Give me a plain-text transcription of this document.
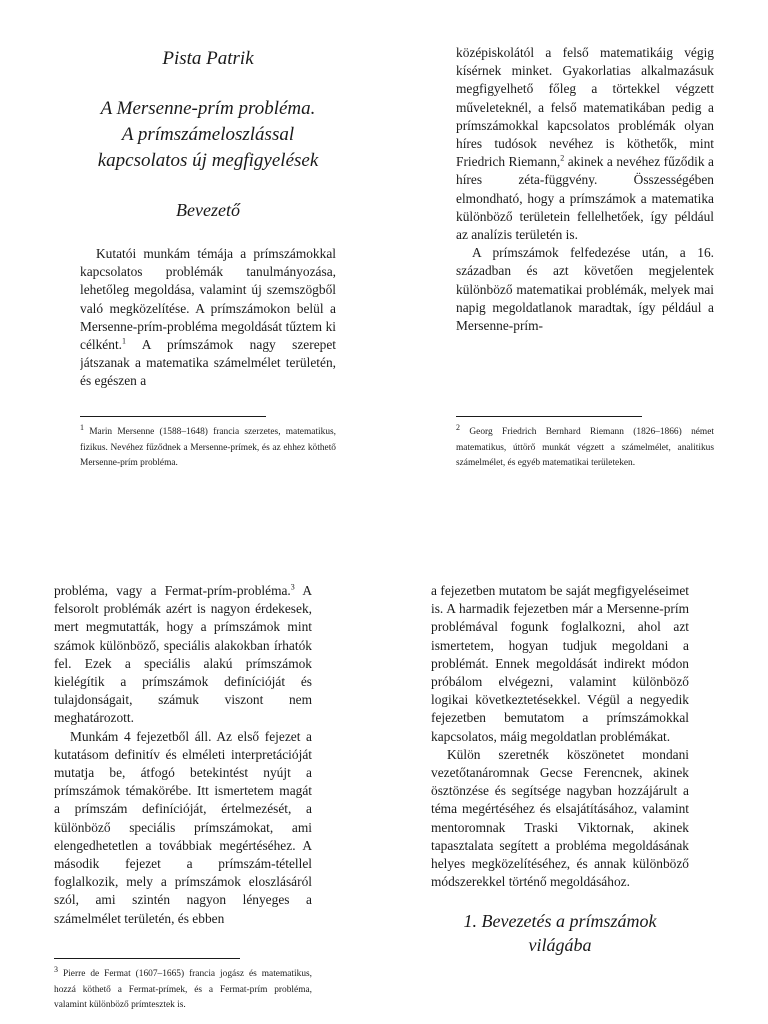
Pista Patrik
A Mersenne-prím probléma.
A prímszámeloszlással
kapcsolatos új megfigyelések
Bevezető

Kutatói munkám témája a prímszámokkal kapcsolatos problémák tanulmányozása, lehetőleg megoldása, valamint új szemszögből való megközelítése. A prímszámokon belül a Mersenne-prím-probléma megoldását tűztem ki célként.$^1$ A prímszámok nagy szerepet játszanak a matematika számelmélet területén, és egészen a

$^1$ Marin Mersenne (1588–1648) francia szerzetes, matematikus, fizikus. Nevéhez fűződnek a Mersenne-prímek, és az ehhez köthető Mersenne-prím probléma.

középiskolától a felső matematikáig végig kísérnek minket. Gyakorlatias alkalmazásuk megfigyelhető főleg a törtekkel végzett műveleteknél, a felső matematikában pedig a prímszámokkal kapcsolatos problémák olyan híres tudósok nevéhez is köthetők, mint Friedrich Riemann,$^2$ akinek a nevéhez fűződik a híres zéta-függvény. Összességében elmondható, hogy a prímszámok a matematika különböző területein fellelhetőek, így például az analízis területén is.

A prímszámok felfedezése után, a 16. században és azt követően megjelentek különböző matematikai problémák, melyek mai napig megoldatlanok maradtak, így például a Mersenne-prím-

$^2$ Georg Friedrich Bernhard Riemann (1826–1866) német matematikus, úttörő munkát végzett a számelmélet, analitikus számelmélet, és egyéb matematikai területeken.

probléma, vagy a Fermat-prím-probléma.$^3$ A felsorolt problémák azért is nagyon érdekesek, mert megmutatták, hogy a prímszámok mint számok különböző, speciális alakokban írhatók fel. Ezek a speciális alakú prímszámok kielégítik a prímszámok definícióját és tulajdonságait, számuk viszont nem meghatározott.

Munkám 4 fejezetből áll. Az első fejezet a kutatásom definitív és elméleti interpretációját mutatja be, átfogó betekintést nyújt a prímszámok témakörébe. Itt ismertetem magát a prímszám definícióját, értelmezését, a különböző speciális prímszámokat, ami elengedhetetlen a továbbiak megértéséhez. A második fejezet a prímszám-tétellel foglalkozik, mely a prímszámok eloszlásáról szól, ami szintén nagyon lényeges a számelmélet területén, és ebben

$^3$ Pierre de Fermat (1607–1665) francia jogász és matematikus, hozzá köthető a Fermat-prímek, és a Fermat-prím probléma, valamint különböző prímtesztek is.

a fejezetben mutatom be saját megfigyeléseimet is. A harmadik fejezetben már a Mersenne-prím problémával fogunk foglalkozni, ahol azt ismertetem, hogyan tudjuk megoldani a problémát. Ennek megoldását indirekt módon próbálom elvégezni, valamint különböző logikai következtetésekkel. Végül a negyedik fejezetben bemutatom a prímszámokkal kapcsolatos, máig megoldatlan problémákat.

Külön szeretnék köszönetet mondani vezetőtanáromnak Gecse Ferencnek, akinek ösztönzése és segítsége nagyban hozzájárult a téma megértéséhez és elsajátításához, valamint mentoromnak Traski Viktornak, akinek tapasztalata segített a probléma megoldásának helyes megközelítéséhez, és annak különböző módszerekkel történő megoldásához.

1. Bevezetés a prímszámok
világába
